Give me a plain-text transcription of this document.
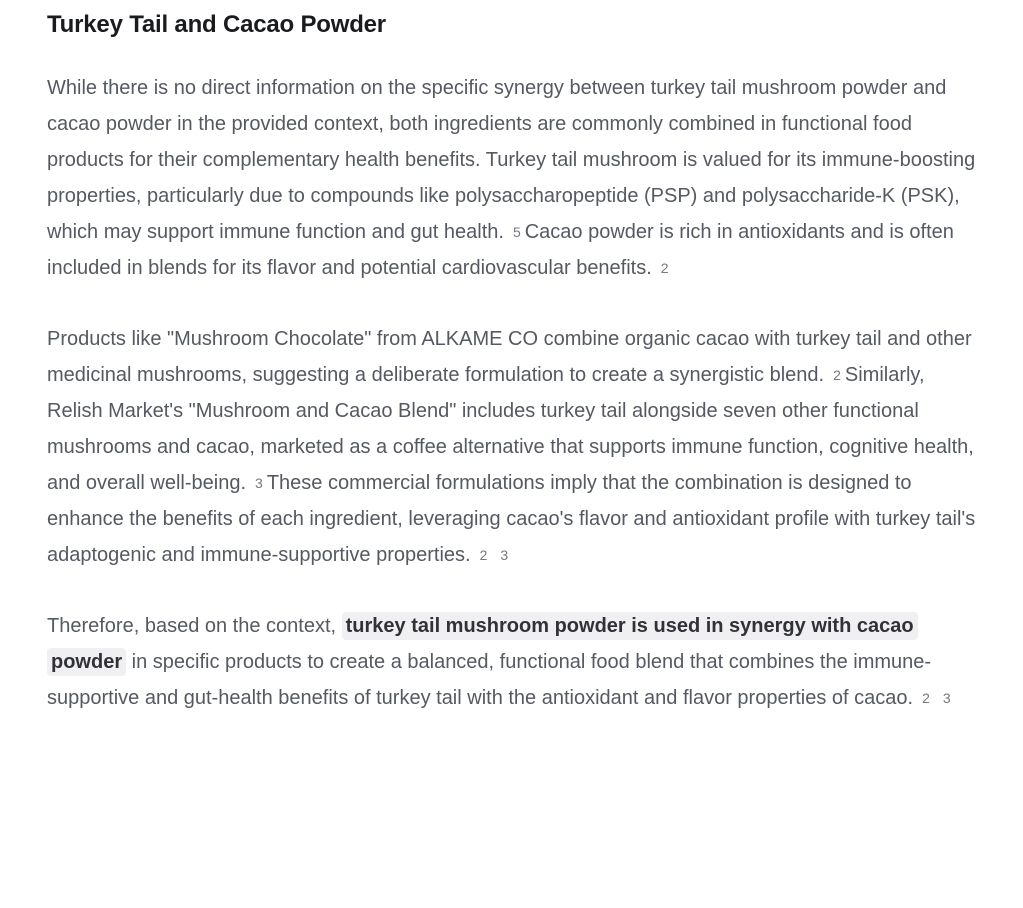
Turkey Tail and Cacao Powder

While there is no direct information on the specific synergy between turkey tail mushroom powder and cacao powder in the provided context, both ingredients are commonly combined in functional food products for their complementary health benefits. Turkey tail mushroom is valued for its immune-boosting properties, particularly due to compounds like polysaccharopeptide (PSP) and polysaccharide-K (PSK), which may support immune function and gut health. 5 Cacao powder is rich in antioxidants and is often included in blends for its flavor and potential cardiovascular benefits. 2

Products like "Mushroom Chocolate" from ALKAME CO combine organic cacao with turkey tail and other medicinal mushrooms, suggesting a deliberate formulation to create a synergistic blend. 2 Similarly, Relish Market's "Mushroom and Cacao Blend" includes turkey tail alongside seven other functional mushrooms and cacao, marketed as a coffee alternative that supports immune function, cognitive health, and overall well-being. 3 These commercial formulations imply that the combination is designed to enhance the benefits of each ingredient, leveraging cacao's flavor and antioxidant profile with turkey tail's adaptogenic and immune-supportive properties. 2 3

Therefore, based on the context, turkey tail mushroom powder is used in synergy with cacao powder in specific products to create a balanced, functional food blend that combines the immune-supportive and gut-health benefits of turkey tail with the antioxidant and flavor properties of cacao. 2 3
